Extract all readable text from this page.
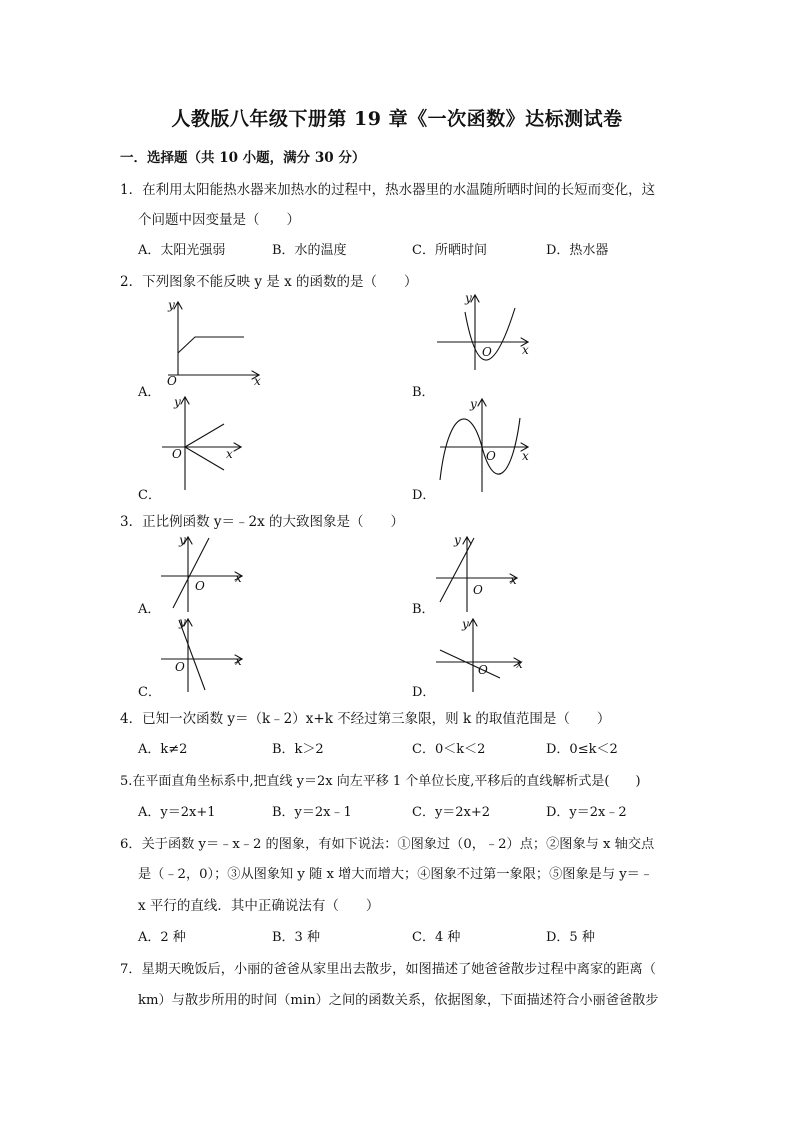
人教版八年级下册第 19 章《一次函数》达标测试卷
一．选择题（共 10 小题，满分 30 分）
1．在利用太阳能热水器来加热水的过程中，热水器里的水温随所晒时间的长短而变化，这
个问题中因变量是（　　）
A．太阳光强弱	B．水的温度	C．所晒时间	D．热水器
2．下列图象不能反映 y 是 x 的函数的是（　　）
A．
y
x
O
B．
y
x
O
C．
y
x
O
D．
y
x
O
3．正比例函数 y＝﹣2x 的大致图象是（　　）
A．
y
x
O
B．
y
x
O
C．
y
x
O
D．
y
x
O
4．已知一次函数 y＝（k﹣2）x+k 不经过第三象限，则 k 的取值范围是（　　）
A．k≠2	B．k＞2	C．0＜k＜2	D．0≤k＜2
5.在平面直角坐标系中,把直线 y＝2x 向左平移 1 个单位长度,平移后的直线解析式是(　　)
A．y＝2x+1	B．y＝2x﹣1	C．y＝2x+2	D．y＝2x﹣2
6．关于函数 y＝﹣x﹣2 的图象，有如下说法：①图象过（0，﹣2）点；②图象与 x 轴交点
是（﹣2，0）；③从图象知 y 随 x 增大而增大；④图象不过第一象限；⑤图象是与 y＝﹣
x 平行的直线．其中正确说法有（　　）
A．2 种	B．3 种	C．4 种	D．5 种
7．星期天晚饭后，小丽的爸爸从家里出去散步，如图描述了她爸爸散步过程中离家的距离（
km）与散步所用的时间（min）之间的函数关系，依据图象，下面描述符合小丽爸爸散步
